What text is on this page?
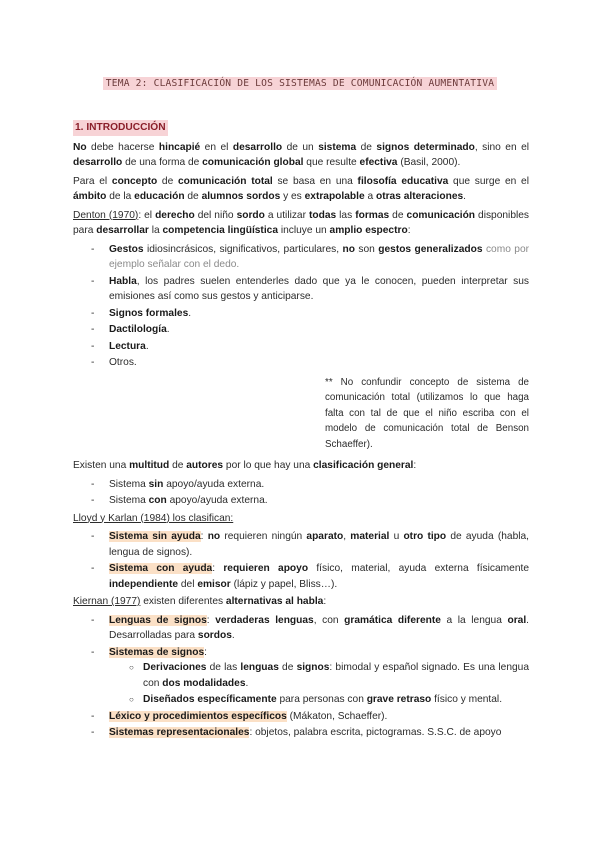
TEMA 2: CLASIFICACIÓN DE LOS SISTEMAS DE COMUNICACIÓN AUMENTATIVA
1. INTRODUCCIÓN

No debe hacerse hincapié en el desarrollo de un sistema de signos determinado, sino en el desarrollo de una forma de comunicación global que resulte efectiva (Basil, 2000).

Para el concepto de comunicación total se basa en una filosofía educativa que surge en el ámbito de la educación de alumnos sordos y es extrapolable a otras alteraciones.

Denton (1970): el derecho del niño sordo a utilizar todas las formas de comunicación disponibles para desarrollar la competencia lingüística incluye un amplio espectro:

- Gestos idiosincrásicos, significativos, particulares, no son gestos generalizados como por ejemplo señalar con el dedo.
- Habla, los padres suelen entenderles dado que ya le conocen, pueden interpretar sus emisiones así como sus gestos y anticiparse.
- Signos formales.
- Dactilología.
- Lectura.
- Otros.

** No confundir concepto de sistema de comunicación total (utilizamos lo que haga falta con tal de que el niño escriba con el modelo de comunicación total de Benson Schaeffer).

Existen una multitud de autores por lo que hay una clasificación general:

- Sistema sin apoyo/ayuda externa.
- Sistema con apoyo/ayuda externa.

Lloyd y Karlan (1984) los clasifican:

- Sistema sin ayuda: no requieren ningún aparato, material u otro tipo de ayuda (habla, lengua de signos).
- Sistema con ayuda: requieren apoyo físico, material, ayuda externa físicamente independiente del emisor (lápiz y papel, Bliss…).

Kiernan (1977) existen diferentes alternativas al habla:

- Lenguas de signos: verdaderas lenguas, con gramática diferente a la lengua oral. Desarrolladas para sordos.
- Sistemas de signos:
○ Derivaciones de las lenguas de signos: bimodal y español signado. Es una lengua con dos modalidades.
○ Diseñados específicamente para personas con grave retraso físico y mental.
- Léxico y procedimientos específicos (Mákaton, Schaeffer).
- Sistemas representacionales: objetos, palabra escrita, pictogramas. S.S.C. de apoyo
